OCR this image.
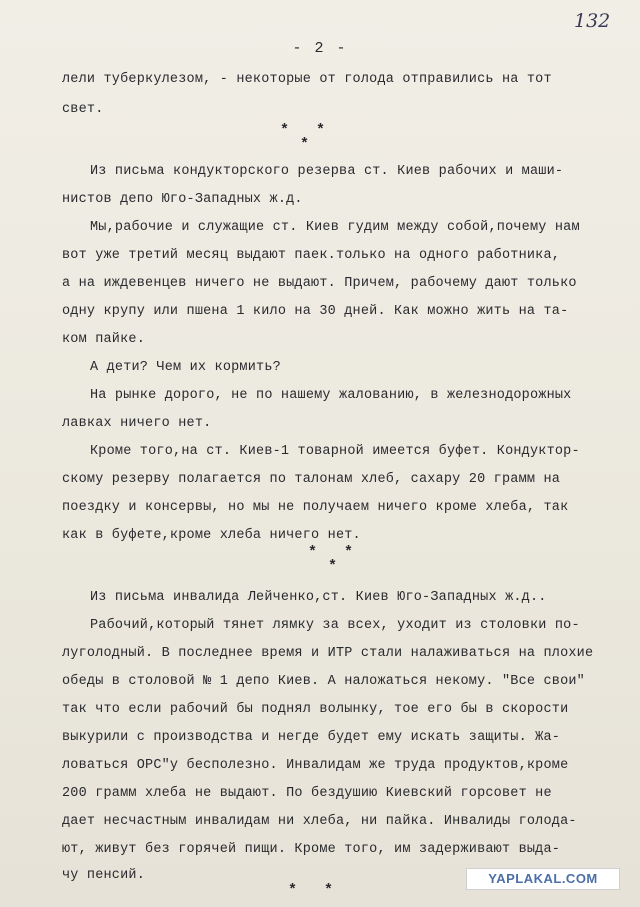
132
- 2 -
лели туберкулезом, - некоторые от голода отправились на тот
свет.
* *
*
Из письма кондукторского резерва ст. Киев рабочих и маши-
нистов депо Юго-Западных ж.д.
Мы,рабочие и служащие ст. Киев гудим между собой,почему нам
вот уже третий месяц выдают паек.только на одного работника,
а на иждевенцев ничего не выдают. Причем, рабочему дают только
одну крупу или пшена 1 кило на 30 дней. Как можно жить на та-
ком пайке.
А дети? Чем их кормить?
На рынке дорого, не по нашему жалованию, в железнодорожных
лавках ничего нет.
Кроме того,на ст. Киев-1 товарной имеется буфет. Кондуктор-
скому резерву полагается по талонам хлеб, сахару 20 грамм на
поездку и консервы, но мы не получаем ничего кроме хлеба, так
как в буфете,кроме хлеба ничего нет.
* *
*
Из письма инвалида Лейченко,ст. Киев Юго-Западных ж.д..
Рабочий,который тянет лямку за всех, уходит из столовки по-
луголодный. В последнее время и ИТР стали налаживаться на плохие
обеды в столовой № 1 депо Киев. А наложаться некому. "Все свои"
так что если рабочий бы поднял волынку, тое его бы в скорости
выкурили с производства и негде будет ему искать защиты. Жа-
ловаться ОРС"у бесполезно. Инвалидам же труда продуктов,кроме
200 грамм хлеба не выдают. По бездушию Киевский горсовет не
дает несчастным инвалидам ни хлеба, ни пайка. Инвалиды голода-
ют, живут без горячей пищи. Кроме того, им задерживают выда-
чу пенсий.
* *
YAPLAKAL.COM
